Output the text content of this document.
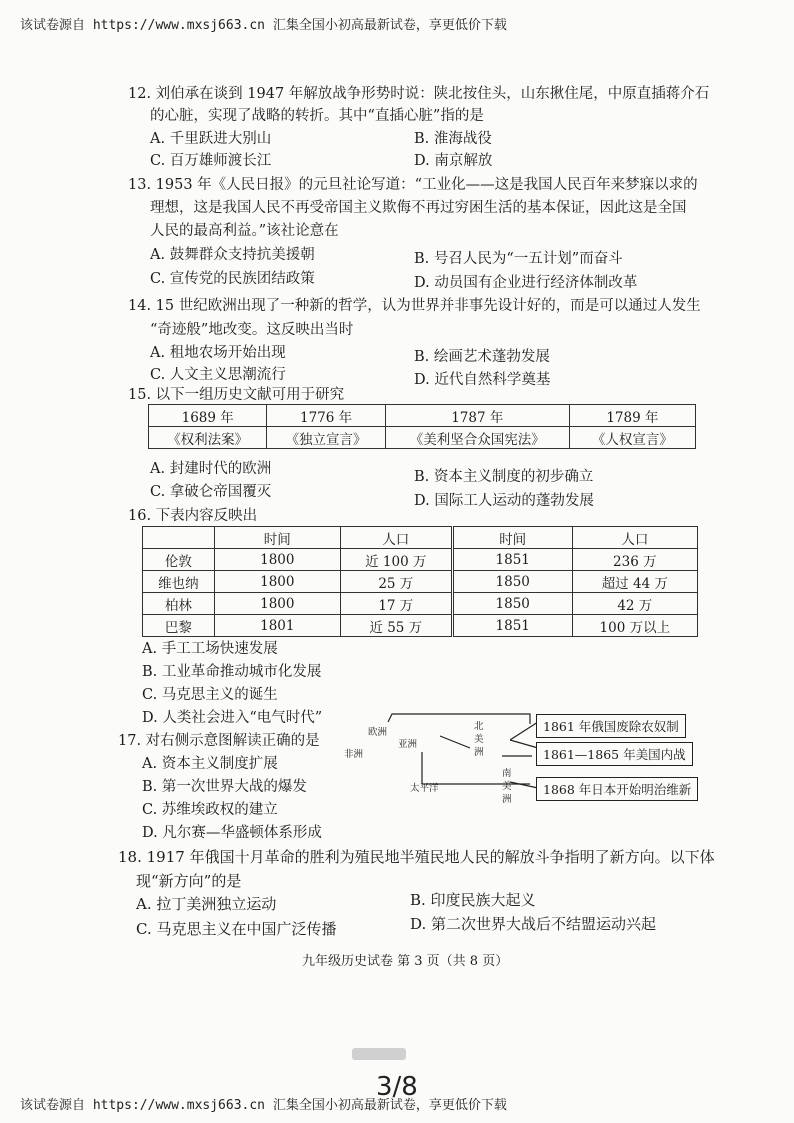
该试卷源自 https://www.mxsj663.cn 汇集全国小初高最新试卷，享更低价下载
该试卷源自 https://www.mxsj663.cn 汇集全国小初高最新试卷，享更低价下载
12. 刘伯承在谈到 1947 年解放战争形势时说：陕北按住头，山东揪住尾，中原直插蒋介石
的心脏，实现了战略的转折。其中“直插心脏”指的是
A. 千里跃进大别山	B. 淮海战役
C. 百万雄师渡长江	D. 南京解放
13. 1953 年《人民日报》的元旦社论写道：“工业化——这是我国人民百年来梦寐以求的
理想，这是我国人民不再受帝国主义欺侮不再过穷困生活的基本保证，因此这是全国
人民的最高利益。”该社论意在
A. 鼓舞群众支持抗美援朝	B. 号召人民为“一五计划”而奋斗
C. 宣传党的民族团结政策	D. 动员国有企业进行经济体制改革
14. 15 世纪欧洲出现了一种新的哲学，认为世界并非事先设计好的，而是可以通过人发生
“奇迹般”地改变。这反映出当时
A. 租地农场开始出现	B. 绘画艺术蓬勃发展
C. 人文主义思潮流行	D. 近代自然科学奠基
15. 以下一组历史文献可用于研究
1689 年	1776 年	1787 年	1789 年
《权利法案》	《独立宣言》	《美利坚合众国宪法》	《人权宣言》
A. 封建时代的欧洲	B. 资本主义制度的初步确立
C. 拿破仑帝国覆灭
D. 国际工人运动的蓬勃发展
16. 下表内容反映出
	时间	人口	时间	人口
伦敦	1800	近 100 万	1851	236 万
维也纳	1800	25 万	1850	超过 44 万
柏林	1800	17 万	1850	42 万
巴黎	1801	近 55 万	1851	100 万以上
A. 手工工场快速发展
B. 工业革命推动城市化发展
C. 马克思主义的诞生
D. 人类社会进入“电气时代”
17. 对右侧示意图解读正确的是
A. 资本主义制度扩展
B. 第一次世界大战的爆发
C. 苏维埃政权的建立
D. 凡尔赛—华盛顿体系形成
欧洲
非洲
亚洲
太平洋
北
美
洲
南
美
洲
1861 年俄国废除农奴制
1861—1865 年美国内战
1868 年日本开始明治维新
18. 1917 年俄国十月革命的胜利为殖民地半殖民地人民的解放斗争指明了新方向。以下体
现“新方向”的是
A. 拉丁美洲独立运动	B. 印度民族大起义
C. 马克思主义在中国广泛传播	D. 第二次世界大战后不结盟运动兴起
九年级历史试卷 第 3 页（共 8 页）
3/8
